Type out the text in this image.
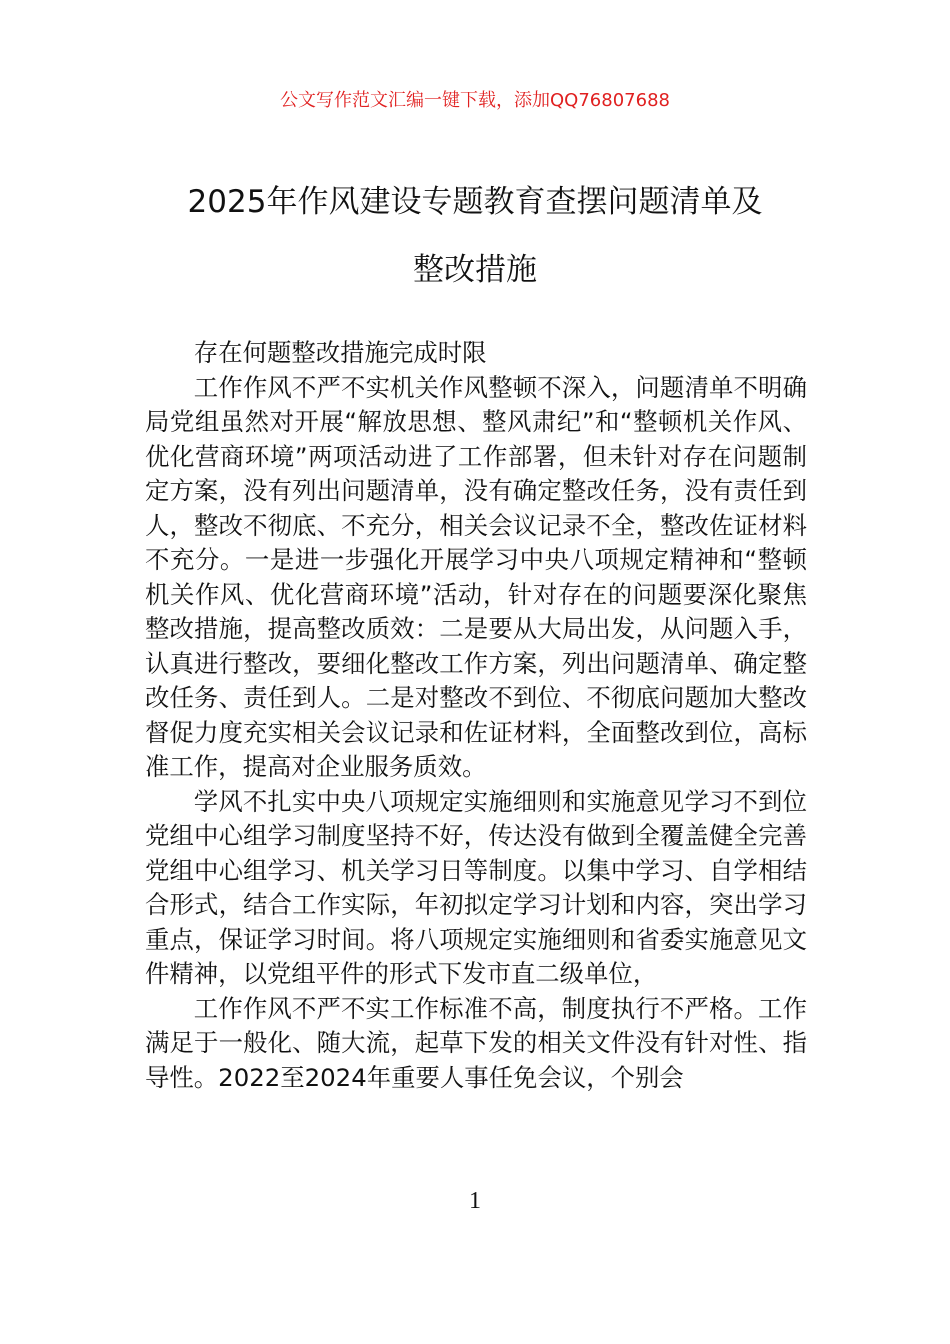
公文写作范文汇编一键下载，添加QQ76807688
2025年作风建设专题教育查摆问题清单及
整改措施

存在何题整改措施完成时限

工作作风不严不实机关作风整顿不深入，问题清单不明确局党组虽然对开展“解放思想、整风肃纪”和“整顿机关作风、优化营商环境”两项活动进了工作部署，但未针对存在问题制定方案，没有列出问题清单，没有确定整改任务，没有责任到人，整改不彻底、不充分，相关会议记录不全，整改佐证材料不充分。一是进一步强化开展学习中央八项规定精神和“整顿机关作风、优化营商环境”活动，针对存在的问题要深化聚焦整改措施，提高整改质效：二是要从大局出发，从问题入手，认真进行整改，要细化整改工作方案，列出问题清单、确定整改任务、责任到人。二是对整改不到位、不彻底问题加大整改督促力度充实相关会议记录和佐证材料，全面整改到位，高标准工作，提高对企业服务质效。

学风不扎实中央八项规定实施细则和实施意见学习不到位党组中心组学习制度坚持不好，传达没有做到全覆盖健全完善党组中心组学习、机关学习日等制度。以集中学习、自学相结合形式，结合工作实际，年初拟定学习计划和内容，突出学习重点，保证学习时间。将八项规定实施细则和省委实施意见文件精神，以党组平件的形式下发市直二级单位，

工作作风不严不实工作标准不高，制度执行不严格。工作满足于一般化、随大流，起草下发的相关文件没有针对性、指导性。2022至2024年重要人事任免会议，个别会

1
